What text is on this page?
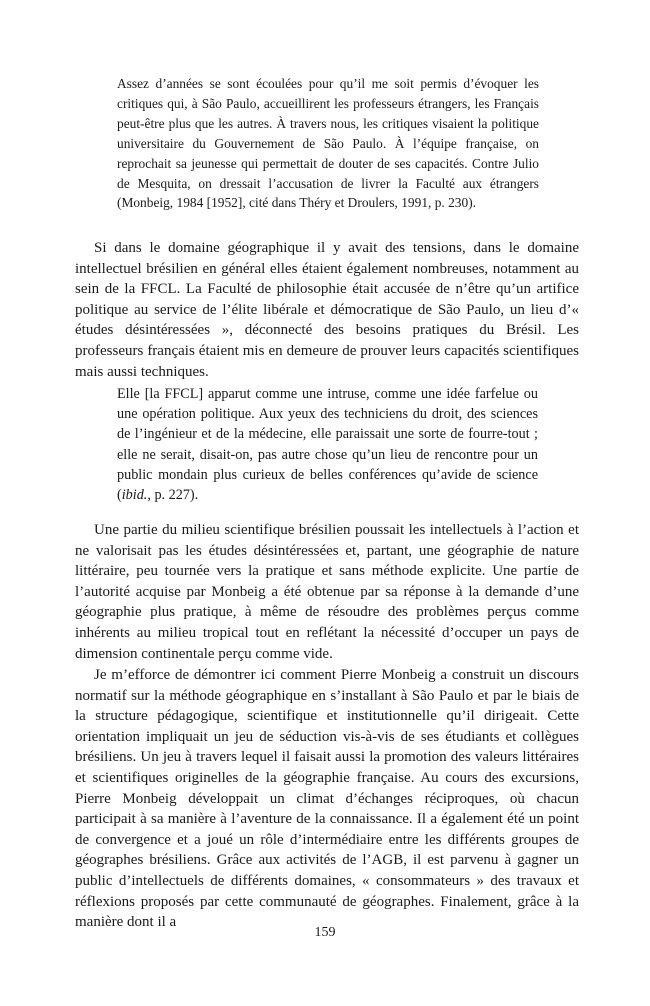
Assez d’années se sont écoulées pour qu’il me soit permis d’évoquer les critiques qui, à São Paulo, accueillirent les professeurs étrangers, les Français peut-être plus que les autres. À travers nous, les critiques visaient la politique universitaire du Gouvernement de São Paulo. À l’équipe française, on reprochait sa jeunesse qui permettait de douter de ses capacités. Contre Julio de Mesquita, on dressait l’accusation de livrer la Faculté aux étrangers (Monbeig, 1984 [1952], cité dans Théry et Droulers, 1991, p. 230).

Si dans le domaine géographique il y avait des tensions, dans le domaine intellectuel brésilien en général elles étaient également nombreuses, notamment au sein de la FFCL. La Faculté de philosophie était accusée de n’être qu’un artifice politique au service de l’élite libérale et démocratique de São Paulo, un lieu d’« études désintéressées », déconnecté des besoins pratiques du Brésil. Les professeurs français étaient mis en demeure de prouver leurs capacités scientifiques mais aussi techniques.

Elle [la FFCL] apparut comme une intruse, comme une idée farfelue ou une opération politique. Aux yeux des techniciens du droit, des sciences de l’ingénieur et de la médecine, elle paraissait une sorte de fourre-tout ; elle ne serait, disait-on, pas autre chose qu’un lieu de rencontre pour un public mondain plus curieux de belles conférences qu’avide de science (ibid., p. 227).

Une partie du milieu scientifique brésilien poussait les intellectuels à l’action et ne valorisait pas les études désintéressées et, partant, une géographie de nature littéraire, peu tournée vers la pratique et sans méthode explicite. Une partie de l’autorité acquise par Monbeig a été obtenue par sa réponse à la demande d’une géographie plus pratique, à même de résoudre des problèmes perçus comme inhérents au milieu tropical tout en reflétant la nécessité d’occuper un pays de dimension continentale perçu comme vide.

Je m’efforce de démontrer ici comment Pierre Monbeig a construit un discours normatif sur la méthode géographique en s’installant à São Paulo et par le biais de la structure pédagogique, scientifique et institutionnelle qu’il dirigeait. Cette orientation impliquait un jeu de séduction vis-à-vis de ses étudiants et collègues brésiliens. Un jeu à travers lequel il faisait aussi la promotion des valeurs littéraires et scientifiques originelles de la géographie française. Au cours des excursions, Pierre Monbeig développait un climat d’échanges réciproques, où chacun participait à sa manière à l’aventure de la connaissance. Il a également été un point de convergence et a joué un rôle d’intermédiaire entre les différents groupes de géographes brésiliens. Grâce aux activités de l’AGB, il est parvenu à gagner un public d’intellectuels de différents domaines, « consommateurs » des travaux et réflexions proposés par cette communauté de géographes. Finalement, grâce à la manière dont il a

159
